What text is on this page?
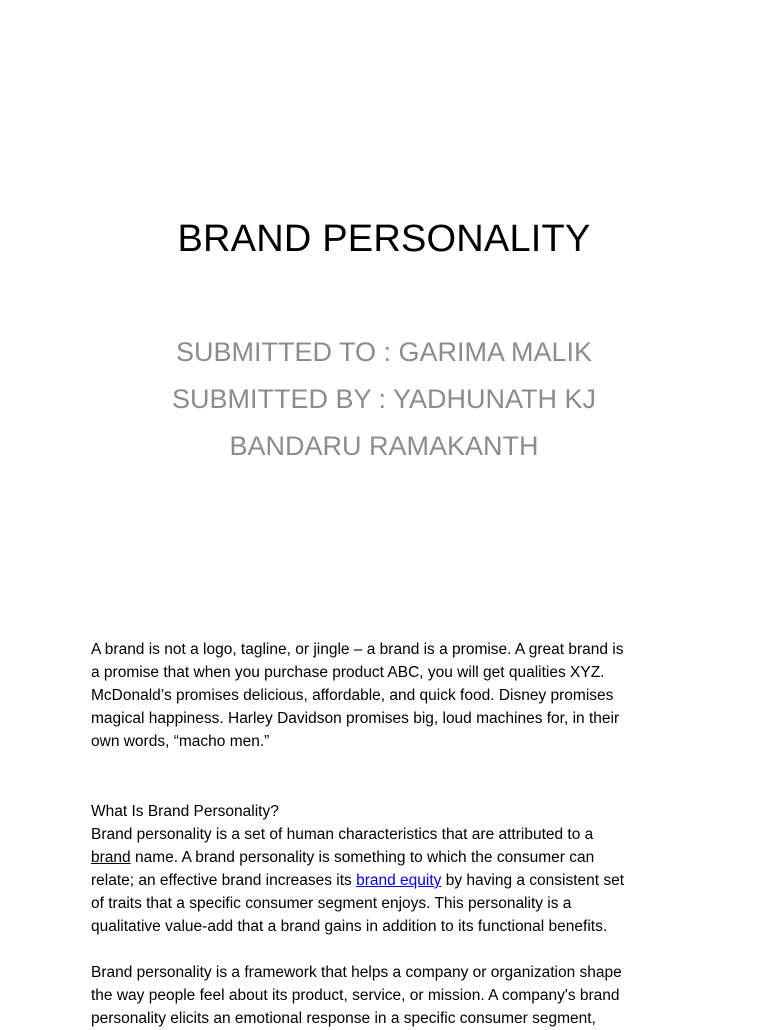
BRAND PERSONALITY
SUBMITTED TO : GARIMA MALIK
SUBMITTED BY : YADHUNATH KJ
BANDARU RAMAKANTH
A brand is not a logo, tagline, or jingle – a brand is a promise. A great brand is
a promise that when you purchase product ABC, you will get qualities XYZ.
McDonald’s promises delicious, affordable, and quick food. Disney promises
magical happiness. Harley Davidson promises big, loud machines for, in their
own words, “macho men.”
What Is Brand Personality?
Brand personality is a set of human characteristics that are attributed to a
brand name. A brand personality is something to which the consumer can
relate; an effective brand increases its brand equity by having a consistent set
of traits that a specific consumer segment enjoys. This personality is a
qualitative value-add that a brand gains in addition to its functional benefits.
Brand personality is a framework that helps a company or organization shape
the way people feel about its product, service, or mission. A company's brand
personality elicits an emotional response in a specific consumer segment,
